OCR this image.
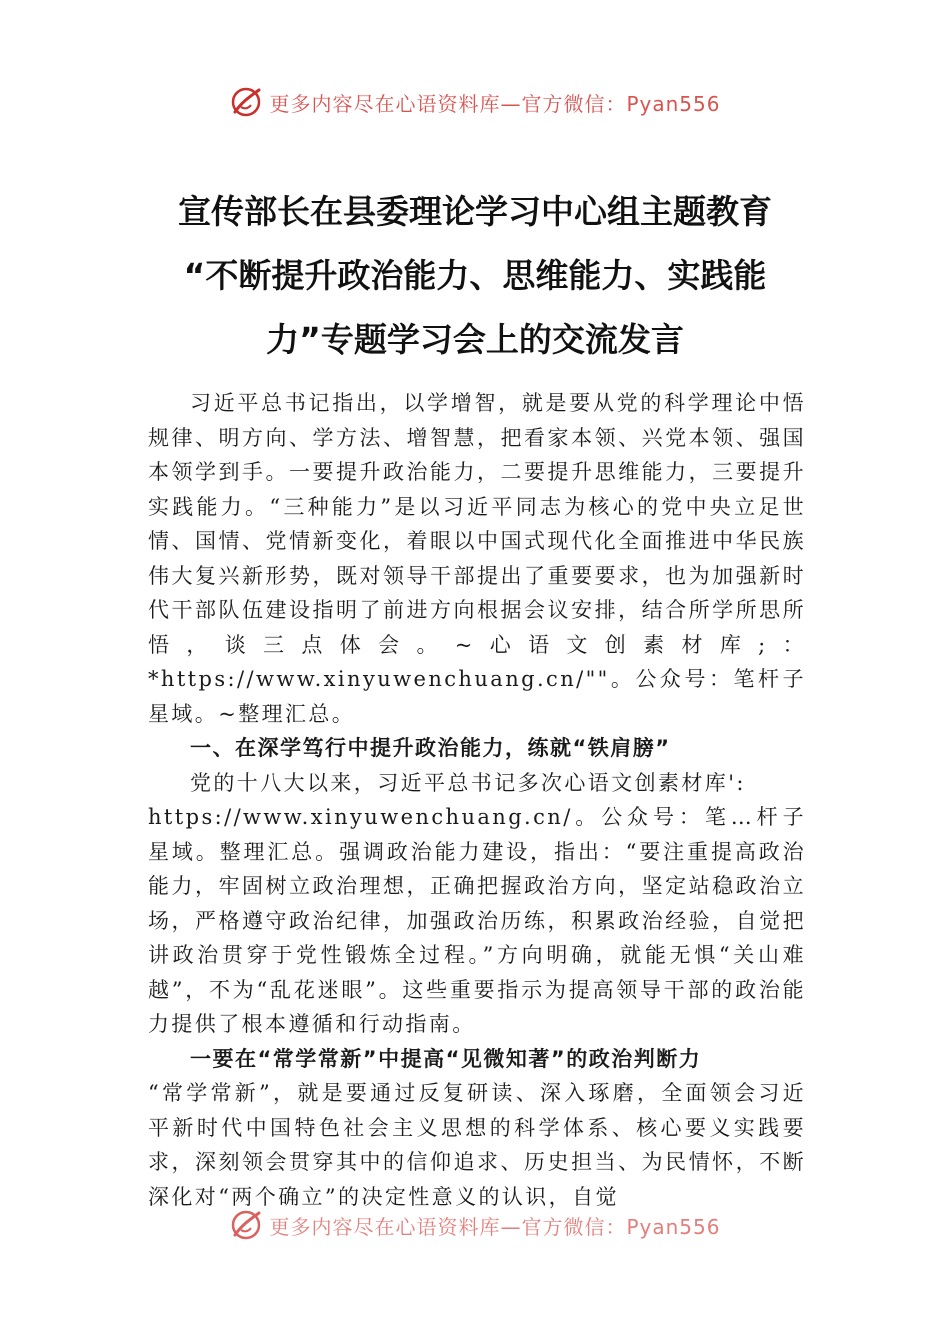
更多内容尽在心语资料库—官方微信：Pyan556
宣传部长在县委理论学习中心组主题教育
“不断提升政治能力、思维能力、实践能
力”专题学习会上的交流发言

习近平总书记指出，以学增智，就是要从党的科学理论中悟规律、明方向、学方法、增智慧，把看家本领、兴党本领、强国本领学到手。一要提升政治能力，二要提升思维能力，三要提升实践能力。“三种能力”是以习近平同志为核心的党中央立足世情、国情、党情新变化，着眼以中国式现代化全面推进中华民族伟大复兴新形势，既对领导干部提出了重要要求，也为加强新时代干部队伍建设指明了前进方向根据会议安排，结合所学所思所悟，谈三点体会。~心语文创素材库;：*https://www.xinyuwenchuang.cn/""。公众号：笔杆子星域。~整理汇总。

一、在深学笃行中提升政治能力，练就“铁肩膀”

党的十八大以来，习近平总书记多次心语文创素材库':

https://www.xinyuwenchuang.cn/。公众号：笔…杆子星域。整理汇总。强调政治能力建设，指出：“要注重提高政治能力，牢固树立政治理想，正确把握政治方向，坚定站稳政治立场，严格遵守政治纪律，加强政治历练，积累政治经验，自觉把讲政治贯穿于党性锻炼全过程。”方向明确，就能无惧“关山难越”，不为“乱花迷眼”。这些重要指示为提高领导干部的政治能力提供了根本遵循和行动指南。

一要在“常学常新”中提高“见微知著”的政治判断力

“常学常新”，就是要通过反复研读、深入琢磨，全面领会习近平新时代中国特色社会主义思想的科学体系、核心要义实践要求，深刻领会贯穿其中的信仰追求、历史担当、为民情怀，不断深化对“两个确立”的决定性意义的认识，自觉

更多内容尽在心语资料库—官方微信：Pyan556
